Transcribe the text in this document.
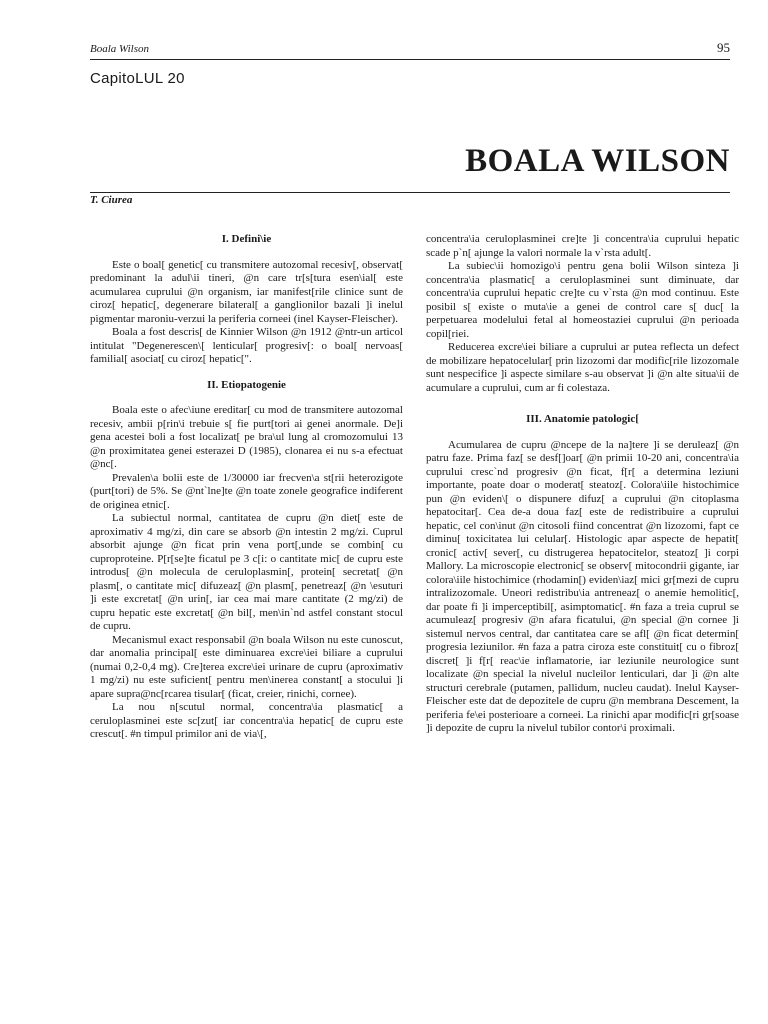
Boala Wilson	95
CapitoLUL 20
BOALA WILSON
T. Ciurea
I. Defini\ie

Este o boal[ genetic[ cu transmitere autozomal recesiv[, observat[ predominant la adul\ii tineri, @n care tr[s[tura esen\ial[ este acumularea cuprului @n organism, iar manifest[rile clinice sunt de ciroz[ hepatic[, degenerare bilateral[ a ganglionilor bazali ]i inelul pigmentar maroniu-verzui la periferia corneei (inel Kayser-Fleischer).

Boala a fost descris[ de Kinnier Wilson @n 1912 @ntr-un articol intitulat "Degenerescen\[ lenticular[ progresiv[: o boal[ nervoas[ familial[ asociat[ cu ciroz[ hepatic[".

II. Etiopatogenie

Boala este o afec\iune ereditar[ cu mod de transmitere autozomal recesiv, ambii p[rin\i trebuie s[ fie purt[tori ai genei anormale. De]i gena acestei boli a fost localizat[ pe bra\ul lung al cromozomului 13 @n proximitatea genei esterazei D (1985), clonarea ei nu s-a efectuat @nc[.

Prevalen\a bolii este de 1/30000 iar frecven\a st[rii heterozigote (purt[tori) de 5%. Se @nt`lne]te @n toate zonele geografice indiferent de originea etnic[.

La subiectul normal, cantitatea de cupru @n diet[ este de aproximativ 4 mg/zi, din care se absorb @n intestin 2 mg/zi. Cuprul absorbit ajunge @n ficat prin vena port[,unde se combin[ cu cuproproteine. P[r[se]te ficatul pe 3 c[i: o cantitate mic[ de cupru este introdus[ @n molecula de ceruloplasmin[, protein[ secretat[ @n plasm[, o cantitate mic[ difuzeaz[ @n plasm[, penetreaz[ @n \esuturi ]i este excretat[ @n urin[, iar cea mai mare cantitate (2 mg/zi) de cupru hepatic este excretat[ @n bil[, men\in`nd astfel constant stocul de cupru.

Mecanismul exact responsabil @n boala Wilson nu este cunoscut, dar anomalia principal[ este diminuarea excre\iei biliare a cuprului (numai 0,2-0,4 mg). Cre]terea excre\iei urinare de cupru (aproximativ 1 mg/zi) nu este suficient[ pentru men\inerea constant[ a stocului ]i apare supra@nc[rcarea tisular[ (ficat, creier, rinichi, cornee).

La nou n[scutul normal, concentra\ia plasmatic[ a ceruloplasminei este sc[zut[ iar concentra\ia hepatic[ de cupru este crescut[. #n timpul primilor ani de via\[,

concentra\ia ceruloplasminei cre]te ]i concentra\ia cuprului hepatic scade p`n[ ajunge la valori normale la v`rsta adult[.

La subiec\ii homozigo\i pentru gena bolii Wilson sinteza ]i concentra\ia plasmatic[ a ceruloplasminei sunt diminuate, dar concentra\ia cuprului hepatic cre]te cu v`rsta @n mod continuu. Este posibil s[ existe o muta\ie a genei de control care s[ duc[ la perpetuarea modelului fetal al homeostaziei cuprului @n perioada copil[riei.

Reducerea excre\iei biliare a cuprului ar putea reflecta un defect de mobilizare hepatocelular[ prin lizozomi dar modific[rile lizozomale sunt nespecifice ]i aspecte similare s-au observat ]i @n alte situa\ii de acumulare a cuprului, cum ar fi colestaza.

III. Anatomie patologic[

Acumularea de cupru @ncepe de la na]tere ]i se deruleaz[ @n patru faze. Prima faz[ se desf[]oar[ @n primii 10-20 ani, concentra\ia cuprului cresc`nd progresiv @n ficat, f[r[ a determina leziuni importante, poate doar o moderat[ steatoz[. Colora\iile histochimice pun @n eviden\[ o dispunere difuz[ a cuprului @n citoplasma hepatocitar[. Cea de-a doua faz[ este de redistribuire a cuprului hepatic, cel con\inut @n citosoli fiind concentrat @n lizozomi, fapt ce diminu[ toxicitatea lui celular[. Histologic apar aspecte de hepatit[ cronic[ activ[ sever[, cu distrugerea hepatocitelor, steatoz[ ]i corpi Mallory. La microscopie electronic[ se observ[ mitocondrii gigante, iar colora\iile histochimice (rhodamin[) eviden\iaz[ mici gr[mezi de cupru intralizozomale. Uneori redistribu\ia antreneaz[ o anemie hemolitic[, dar poate fi ]i imperceptibil[, asimptomatic[. #n faza a treia cuprul se acumuleaz[ progresiv @n afara ficatului, @n special @n cornee ]i sistemul nervos central, dar cantitatea care se afl[ @n ficat determin[ progresia leziunilor. #n faza a patra ciroza este constituit[ cu o fibroz[ discret[ ]i f[r[ reac\ie inflamatorie, iar leziunile neurologice sunt localizate @n special la nivelul nucleilor lenticulari, dar ]i @n alte structuri cerebrale (putamen, pallidum, nucleu caudat). Inelul Kayser-Fleischer este dat de depozitele de cupru @n membrana Descement, la periferia fe\ei posterioare a corneei. La rinichi apar modific[ri gr[soase ]i depozite de cupru la nivelul tubilor contor\i proximali.
